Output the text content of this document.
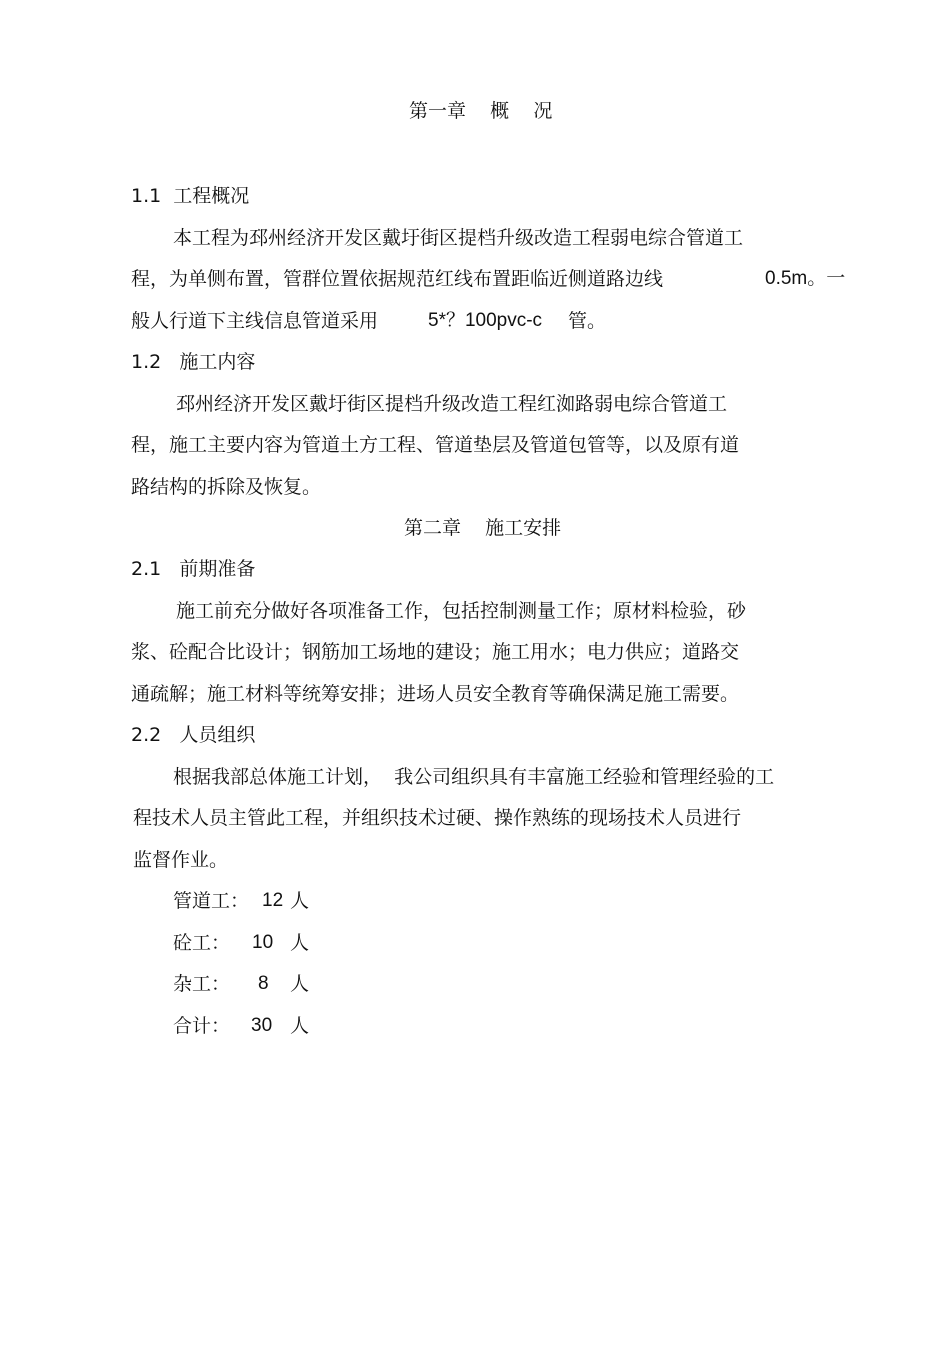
第一章    概    况
1.1  工程概况
本工程为邳州经济开发区戴圩街区提档升级改造工程弱电综合管道工
程，为单侧布置，管群位置依据规范红线布置距临近侧道路边线	0.5m。一
般人行道下主线信息管道采用	5*？100pvc-c 管。
1.2   施工内容
邳州经济开发区戴圩街区提档升级改造工程红洳路弱电综合管道工
程，施工主要内容为管道土方工程、管道垫层及管道包管等，以及原有道
路结构的拆除及恢复。
第二章    施工安排
2.1   前期准备
施工前充分做好各项准备工作，包括控制测量工作；原材料检验，砂
浆、砼配合比设计；钢筋加工场地的建设；施工用水；电力供应；道路交
通疏解；施工材料等统筹安排；进场人员安全教育等确保满足施工需要。
2.2   人员组织
根据我部总体施工计划，  我公司组织具有丰富施工经验和管理经验的工
程技术人员主管此工程，并组织技术过硬、操作熟练的现场技术人员进行
监督作业。
管道工： 12 人
砼工： 10 人
杂工： 8 人
合计： 30 人
